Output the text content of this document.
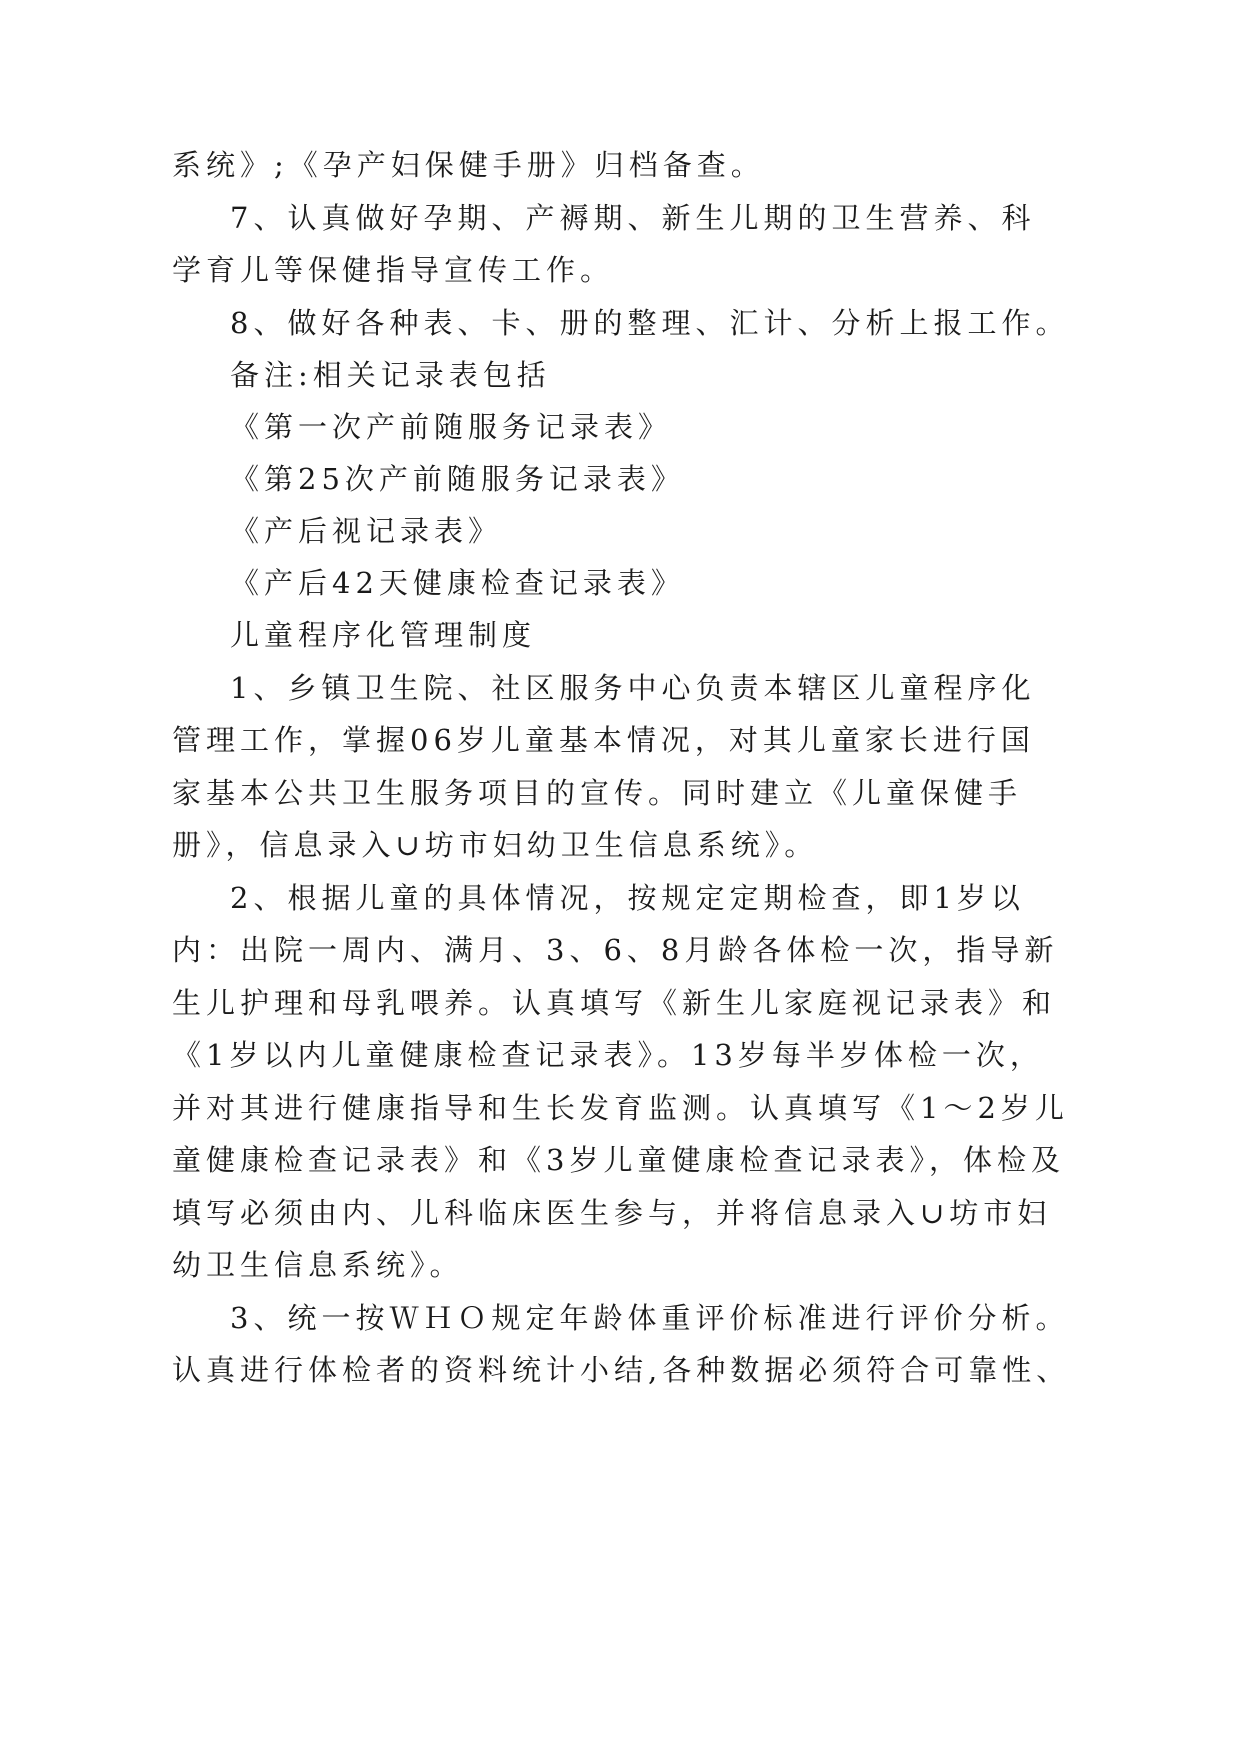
系统》;《孕产妇保健手册》归档备查。
7、认真做好孕期、产褥期、新生儿期的卫生营养、科
学育儿等保健指导宣传工作。
8、做好各种表、卡、册的整理、汇计、分析上报工作。
备注:相关记录表包括
《第一次产前随服务记录表》
《第25次产前随服务记录表》
《产后视记录表》
《产后42天健康检查记录表》
儿童程序化管理制度
1、乡镇卫生院、社区服务中心负责本辖区儿童程序化
管理工作，掌握06岁儿童基本情况，对其儿童家长进行国
家基本公共卫生服务项目的宣传。同时建立《儿童保健手
册》，信息录入∪坊市妇幼卫生信息系统》。
2、根据儿童的具体情况，按规定定期检查，即1岁以
内：出院一周内、满月、3、6、8月龄各体检一次，指导新
生儿护理和母乳喂养。认真填写《新生儿家庭视记录表》和
《1岁以内儿童健康检查记录表》。13岁每半岁体检一次，
并对其进行健康指导和生长发育监测。认真填写《1～2岁儿
童健康检查记录表》和《3岁儿童健康检查记录表》，体检及
填写必须由内、儿科临床医生参与，并将信息录入∪坊市妇
幼卫生信息系统》。
3、统一按ＷＨＯ规定年龄体重评价标准进行评价分析。
认真进行体检者的资料统计小结,各种数据必须符合可靠性、
